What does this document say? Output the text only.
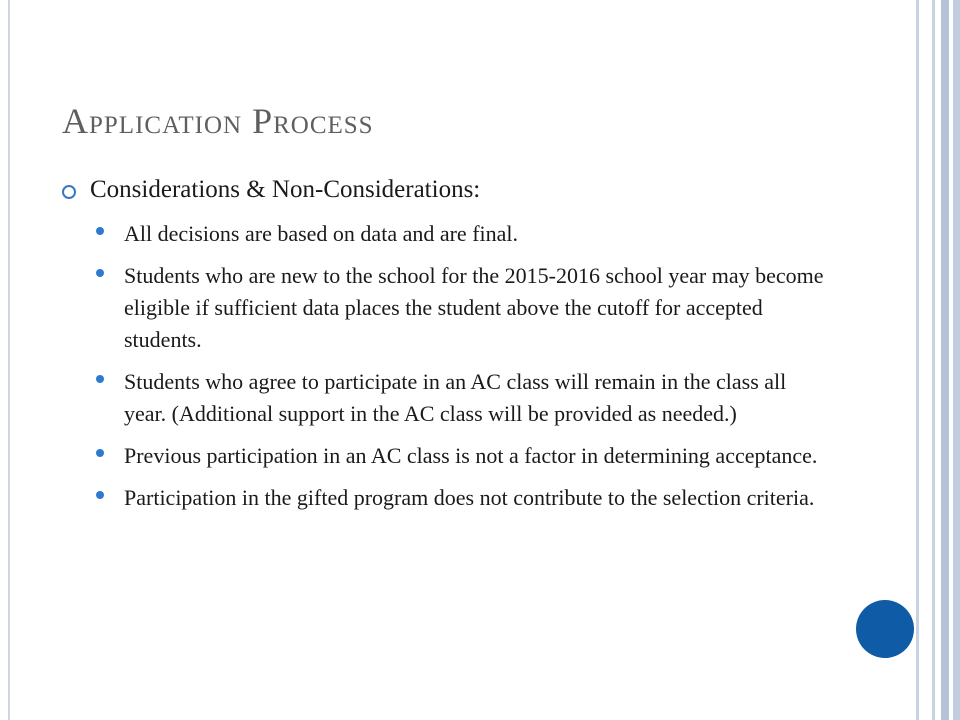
Application Process
Considerations & Non-Considerations:
All decisions are based on data and are final.
Students who are new to the school for the 2015-2016 school year may become eligible if sufficient data places the student above the cutoff for accepted students.
Students who agree to participate in an AC class will remain in the class all year. (Additional support in the AC class will be provided as needed.)
Previous participation in an AC class is not a factor in determining acceptance.
Participation in the gifted program does not contribute to the selection criteria.
